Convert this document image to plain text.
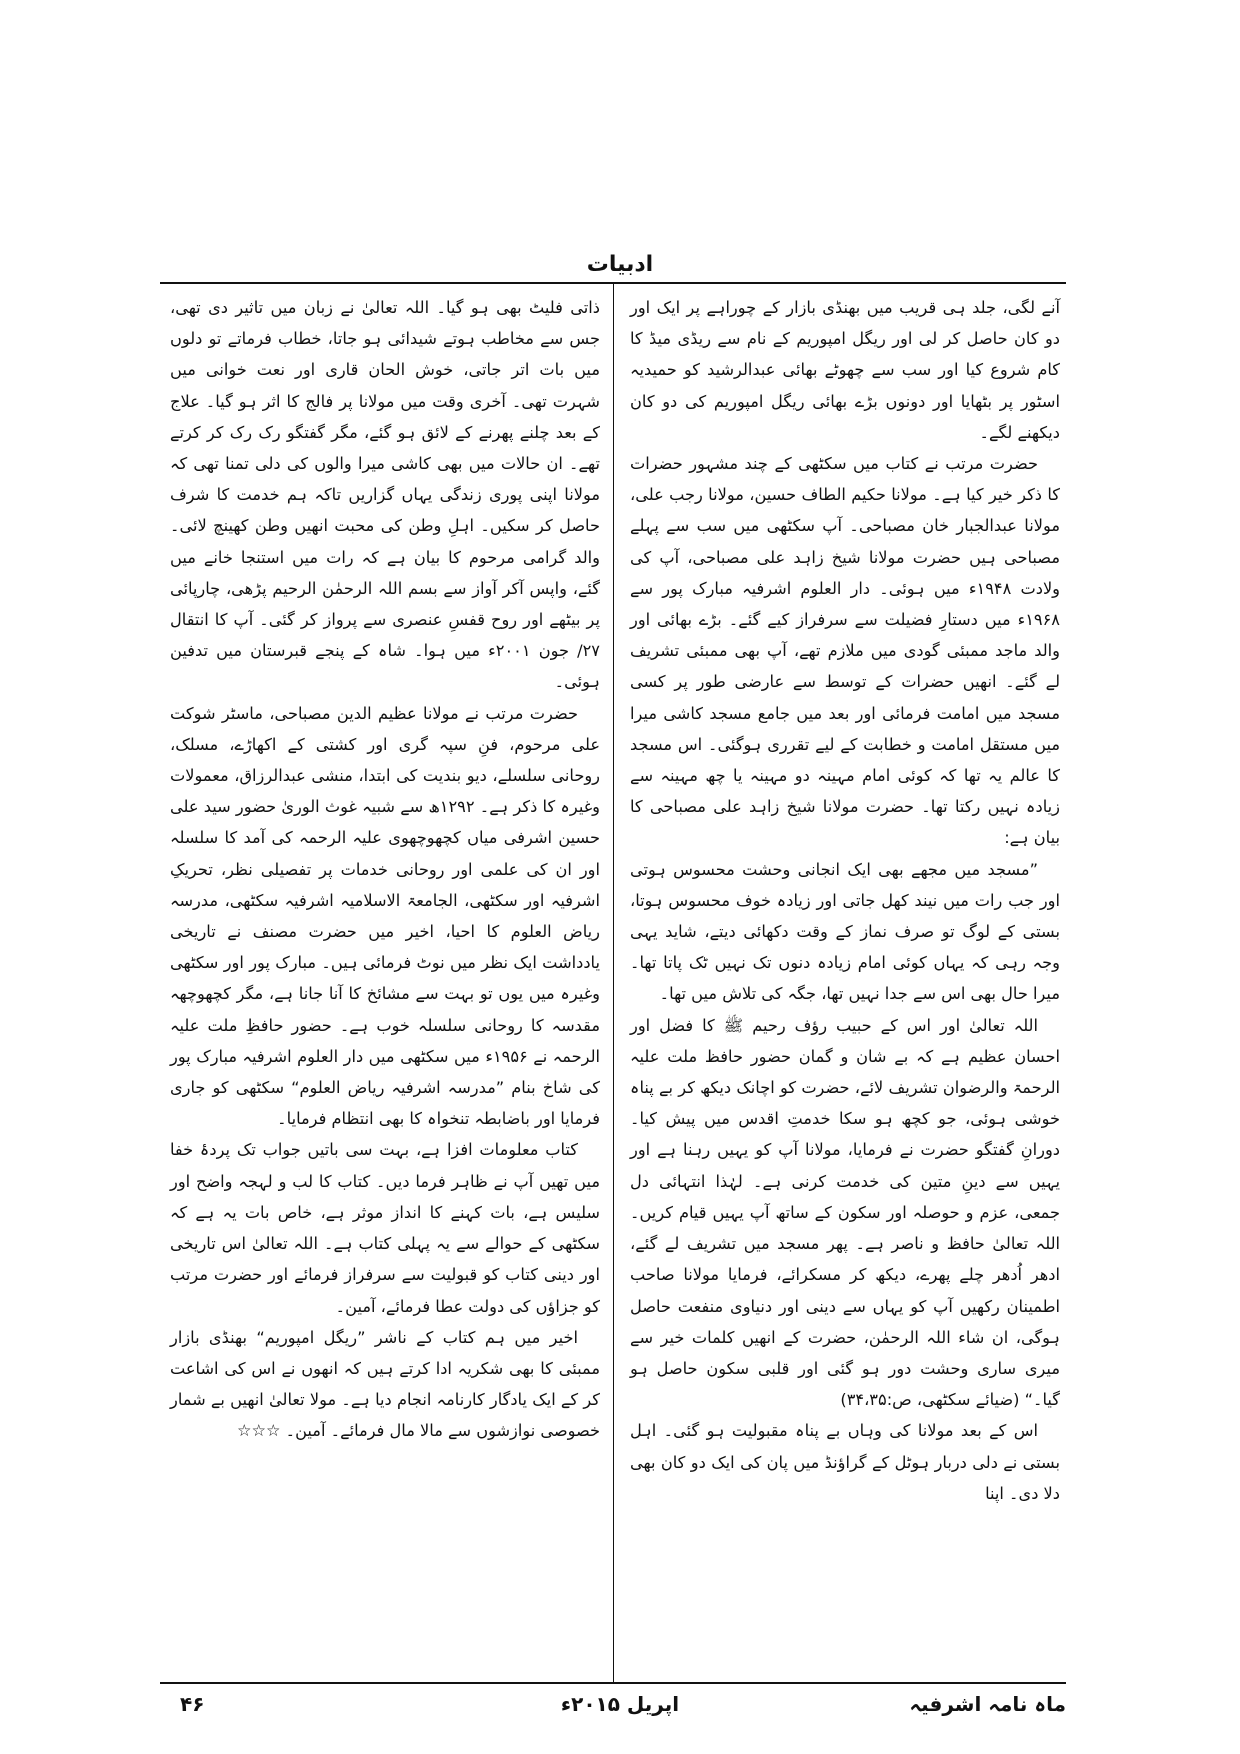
ادبیات

آنے لگی، جلد ہی قریب میں بھنڈی بازار کے چوراہے پر ایک اور دو کان حاصل کر لی اور ریگل امپوریم کے نام سے ریڈی میڈ کا کام شروع کیا اور سب سے چھوٹے بھائی عبدالرشید کو حمیدیہ اسٹور پر بٹھایا اور دونوں بڑے بھائی ریگل امپوریم کی دو کان دیکھنے لگے۔

حضرت مرتب نے کتاب میں سکٹھی کے چند مشہور حضرات کا ذکر خیر کیا ہے۔ مولانا حکیم الطاف حسین، مولانا رجب علی، مولانا عبدالجبار خان مصباحی۔ آپ سکٹھی میں سب سے پہلے مصباحی ہیں حضرت مولانا شیخ زاہد علی مصباحی، آپ کی ولادت ۱۹۴۸ء میں ہوئی۔ دار العلوم اشرفیہ مبارک پور سے ۱۹۶۸ء میں دستارِ فضیلت سے سرفراز کیے گئے۔ بڑے بھائی اور والد ماجد ممبئی گودی میں ملازم تھے، آپ بھی ممبئی تشریف لے گئے۔ انھیں حضرات کے توسط سے عارضی طور پر کسی مسجد میں امامت فرمائی اور بعد میں جامع مسجد کاشی میرا میں مستقل امامت و خطابت کے لیے تقرری ہوگئی۔ اس مسجد کا عالم یہ تھا کہ کوئی امام مہینہ دو مہینہ یا چھ مہینہ سے زیادہ نہیں رکتا تھا۔ حضرت مولانا شیخ زاہد علی مصباحی کا بیان ہے:

”مسجد میں مجھے بھی ایک انجانی وحشت محسوس ہوتی اور جب رات میں نیند کھل جاتی اور زیادہ خوف محسوس ہوتا، بستی کے لوگ تو صرف نماز کے وقت دکھائی دیتے، شاید یہی وجہ رہی کہ یہاں کوئی امام زیادہ دنوں تک نہیں ٹک پاتا تھا۔ میرا حال بھی اس سے جدا نہیں تھا، جگہ کی تلاش میں تھا۔

اللہ تعالیٰ اور اس کے حبیب رؤف رحیم ﷺ کا فضل اور احسان عظیم ہے کہ بے شان و گمان حضور حافظ ملت علیہ الرحمۃ والرضوان تشریف لائے، حضرت کو اچانک دیکھ کر بے پناہ خوشی ہوئی، جو کچھ ہو سکا خدمتِ اقدس میں پیش کیا۔ دورانِ گفتگو حضرت نے فرمایا، مولانا آپ کو یہیں رہنا ہے اور یہیں سے دینِ متین کی خدمت کرنی ہے۔ لہٰذا انتہائی دل جمعی، عزم و حوصلہ اور سکون کے ساتھ آپ یہیں قیام کریں۔ اللہ تعالیٰ حافظ و ناصر ہے۔ پھر مسجد میں تشریف لے گئے، ادھر اُدھر چلے پھرے، دیکھ کر مسکرائے، فرمایا مولانا صاحب اطمینان رکھیں آپ کو یہاں سے دینی اور دنیاوی منفعت حاصل ہوگی، ان شاء اللہ الرحمٰن، حضرت کے انھیں کلمات خیر سے میری ساری وحشت دور ہو گئی اور قلبی سکون حاصل ہو گیا۔“ (ضیائے سکٹھی، ص:۳۴،۳۵)

اس کے بعد مولانا کی وہاں بے پناہ مقبولیت ہو گئی۔ اہل بستی نے دلی دربار ہوٹل کے گراؤنڈ میں پان کی ایک دو کان بھی دلا دی۔ اپنا

ذاتی فلیٹ بھی ہو گیا۔ اللہ تعالیٰ نے زبان میں تاثیر دی تھی، جس سے مخاطب ہوتے شیدائی ہو جاتا، خطاب فرماتے تو دلوں میں بات اتر جاتی، خوش الحان قاری اور نعت خوانی میں شہرت تھی۔ آخری وقت میں مولانا پر فالج کا اثر ہو گیا۔ علاج کے بعد چلنے پھرنے کے لائق ہو گئے، مگر گفتگو رک رک کر کرتے تھے۔ ان حالات میں بھی کاشی میرا والوں کی دلی تمنا تھی کہ مولانا اپنی پوری زندگی یہاں گزاریں تاکہ ہم خدمت کا شرف حاصل کر سکیں۔ اہلِ وطن کی محبت انھیں وطن کھینچ لائی۔ والد گرامی مرحوم کا بیان ہے کہ رات میں استنجا خانے میں گئے، واپس آکر آواز سے بسم اللہ الرحمٰن الرحیم پڑھی، چارپائی پر بیٹھے اور روح قفسِ عنصری سے پرواز کر گئی۔ آپ کا انتقال ۲۷/ جون ۲۰۰۱ء میں ہوا۔ شاہ کے پنجے قبرستان میں تدفین ہوئی۔

حضرت مرتب نے مولانا عظیم الدین مصباحی، ماسٹر شوکت علی مرحوم، فنِ سپہ گری اور کشتی کے اکھاڑے، مسلک، روحانی سلسلے، دیو بندیت کی ابتدا، منشی عبدالرزاق، معمولات وغیرہ کا ذکر ہے۔ ۱۲۹۲ھ سے شبیہ غوث الوریٰ حضور سید علی حسین اشرفی میاں کچھوچھوی علیہ الرحمہ کی آمد کا سلسلہ اور ان کی علمی اور روحانی خدمات پر تفصیلی نظر، تحریکِ اشرفیہ اور سکٹھی، الجامعۃ الاسلامیہ اشرفیہ سکٹھی، مدرسہ ریاض العلوم کا احیا، اخیر میں حضرت مصنف نے تاریخی یادداشت ایک نظر میں نوٹ فرمائی ہیں۔ مبارک پور اور سکٹھی وغیرہ میں یوں تو بہت سے مشائخ کا آنا جانا ہے، مگر کچھوچھہ مقدسہ کا روحانی سلسلہ خوب ہے۔ حضور حافظِ ملت علیہ الرحمہ نے ۱۹۵۶ء میں سکٹھی میں دار العلوم اشرفیہ مبارک پور کی شاخ بنام ”مدرسہ اشرفیہ ریاض العلوم“ سکٹھی کو جاری فرمایا اور باضابطہ تنخواہ کا بھی انتظام فرمایا۔

کتاب معلومات افزا ہے، بہت سی باتیں جواب تک پردۂ خفا میں تھیں آپ نے ظاہر فرما دیں۔ کتاب کا لب و لہجہ واضح اور سلیس ہے، بات کہنے کا انداز موثر ہے، خاص بات یہ ہے کہ سکٹھی کے حوالے سے یہ پہلی کتاب ہے۔ اللہ تعالیٰ اس تاریخی اور دینی کتاب کو قبولیت سے سرفراز فرمائے اور حضرت مرتب کو جزاؤں کی دولت عطا فرمائے، آمین۔

اخیر میں ہم کتاب کے ناشر ”ریگل امپوریم“ بھنڈی بازار ممبئی کا بھی شکریہ ادا کرتے ہیں کہ انھوں نے اس کی اشاعت کر کے ایک یادگار کارنامہ انجام دیا ہے۔ مولا تعالیٰ انھیں بے شمار خصوصی نوازشوں سے مالا مال فرمائے۔ آمین۔ ☆☆☆

ماہ نامہ اشرفیہ
اپریل ۲۰۱۵ء
۴۶
